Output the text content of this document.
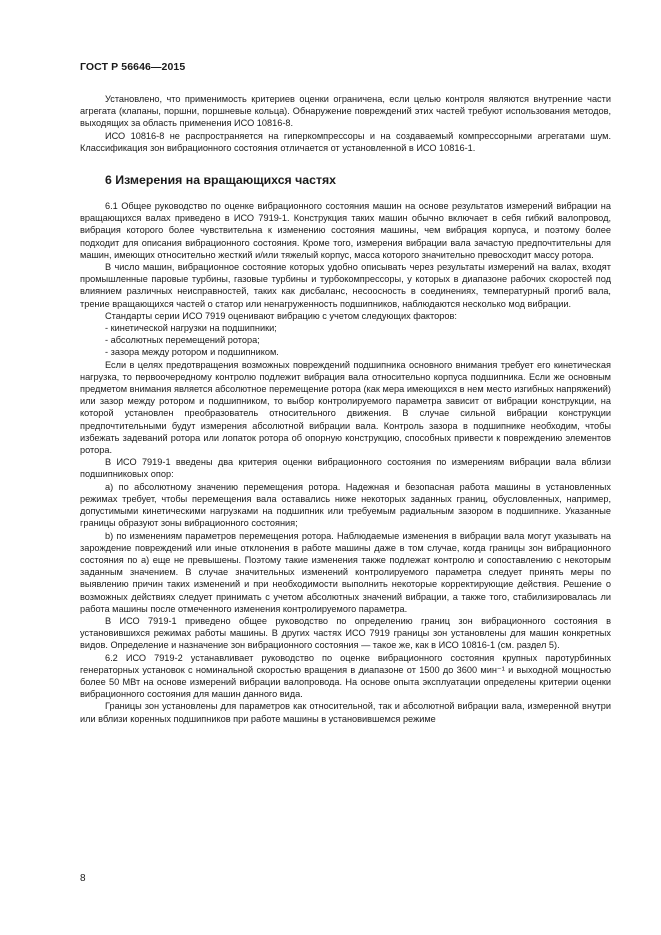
ГОСТ Р 56646—2015

Установлено, что применимость критериев оценки ограничена, если целью контроля являются внутренние части агрегата (клапаны, поршни, поршневые кольца). Обнаружение повреждений этих частей требуют использования методов, выходящих за область применения ИСО 10816-8.

ИСО 10816-8 не распространяется на гиперкомпрессоры и на создаваемый компрессорными агрегатами шум. Классификация зон вибрационного состояния отличается от установленной в ИСО 10816-1.

6 Измерения на вращающихся частях

6.1 Общее руководство по оценке вибрационного состояния машин на основе результатов измерений вибрации на вращающихся валах приведено в ИСО 7919-1. Конструкция таких машин обычно включает в себя гибкий валопровод, вибрация которого более чувствительна к изменению состояния машины, чем вибрация корпуса, и поэтому более подходит для описания вибрационного состояния. Кроме того, измерения вибрации вала зачастую предпочтительны для машин, имеющих относительно жесткий и/или тяжелый корпус, масса которого значительно превосходит массу ротора.

В число машин, вибрационное состояние которых удобно описывать через результаты измерений на валах, входят промышленные паровые турбины, газовые турбины и турбокомпрессоры, у которых в диапазоне рабочих скоростей под влиянием различных неисправностей, таких как дисбаланс, несоосность в соединениях, температурный прогиб вала, трение вращающихся частей о статор или ненагруженность подшипников, наблюдаются несколько мод вибрации.

Стандарты серии ИСО 7919 оценивают вибрацию с учетом следующих факторов:

- кинетической нагрузки на подшипники;

- абсолютных перемещений ротора;

- зазора между ротором и подшипником.

Если в целях предотвращения возможных повреждений подшипника основного внимания требует его кинетическая нагрузка, то первоочередному контролю подлежит вибрация вала относительно корпуса подшипника. Если же основным предметом внимания является абсолютное перемещение ротора (как мера имеющихся в нем место изгибных напряжений) или зазор между ротором и подшипником, то выбор контролируемого параметра зависит от вибрации конструкции, на которой установлен преобразователь относительного движения. В случае сильной вибрации конструкции предпочтительными будут измерения абсолютной вибрации вала. Контроль зазора в подшипнике необходим, чтобы избежать задеваний ротора или лопаток ротора об опорную конструкцию, способных привести к повреждению элементов ротора.

В ИСО 7919-1 введены два критерия оценки вибрационного состояния по измерениям вибрации вала вблизи подшипниковых опор:

a) по абсолютному значению перемещения ротора. Надежная и безопасная работа машины в установленных режимах требует, чтобы перемещения вала оставались ниже некоторых заданных границ, обусловленных, например, допустимыми кинетическими нагрузками на подшипник или требуемым радиальным зазором в подшипнике. Указанные границы образуют зоны вибрационного состояния;

b) по изменениям параметров перемещения ротора. Наблюдаемые изменения в вибрации вала могут указывать на зарождение повреждений или иные отклонения в работе машины даже в том случае, когда границы зон вибрационного состояния по а) еще не превышены. Поэтому такие изменения также подлежат контролю и сопоставлению с некоторым заданным значением. В случае значительных изменений контролируемого параметра следует принять меры по выявлению причин таких изменений и при необходимости выполнить некоторые корректирующие действия. Решение о возможных действиях следует принимать с учетом абсолютных значений вибрации, а также того, стабилизировалась ли работа машины после отмеченного изменения контролируемого параметра.

В ИСО 7919-1 приведено общее руководство по определению границ зон вибрационного состояния в установившихся режимах работы машины. В других частях ИСО 7919 границы зон установлены для машин конкретных видов. Определение и назначение зон вибрационного состояния — такое же, как в ИСО 10816-1 (см. раздел 5).

6.2 ИСО 7919-2 устанавливает руководство по оценке вибрационного состояния крупных паротурбинных генераторных установок с номинальной скоростью вращения в диапазоне от 1500 до 3600 мин⁻¹ и выходной мощностью более 50 МВт на основе измерений вибрации валопровода. На основе опыта эксплуатации определены критерии оценки вибрационного состояния для машин данного вида.

Границы зон установлены для параметров как относительной, так и абсолютной вибрации вала, измеренной внутри или вблизи коренных подшипников при работе машины в установившемся режиме

8
